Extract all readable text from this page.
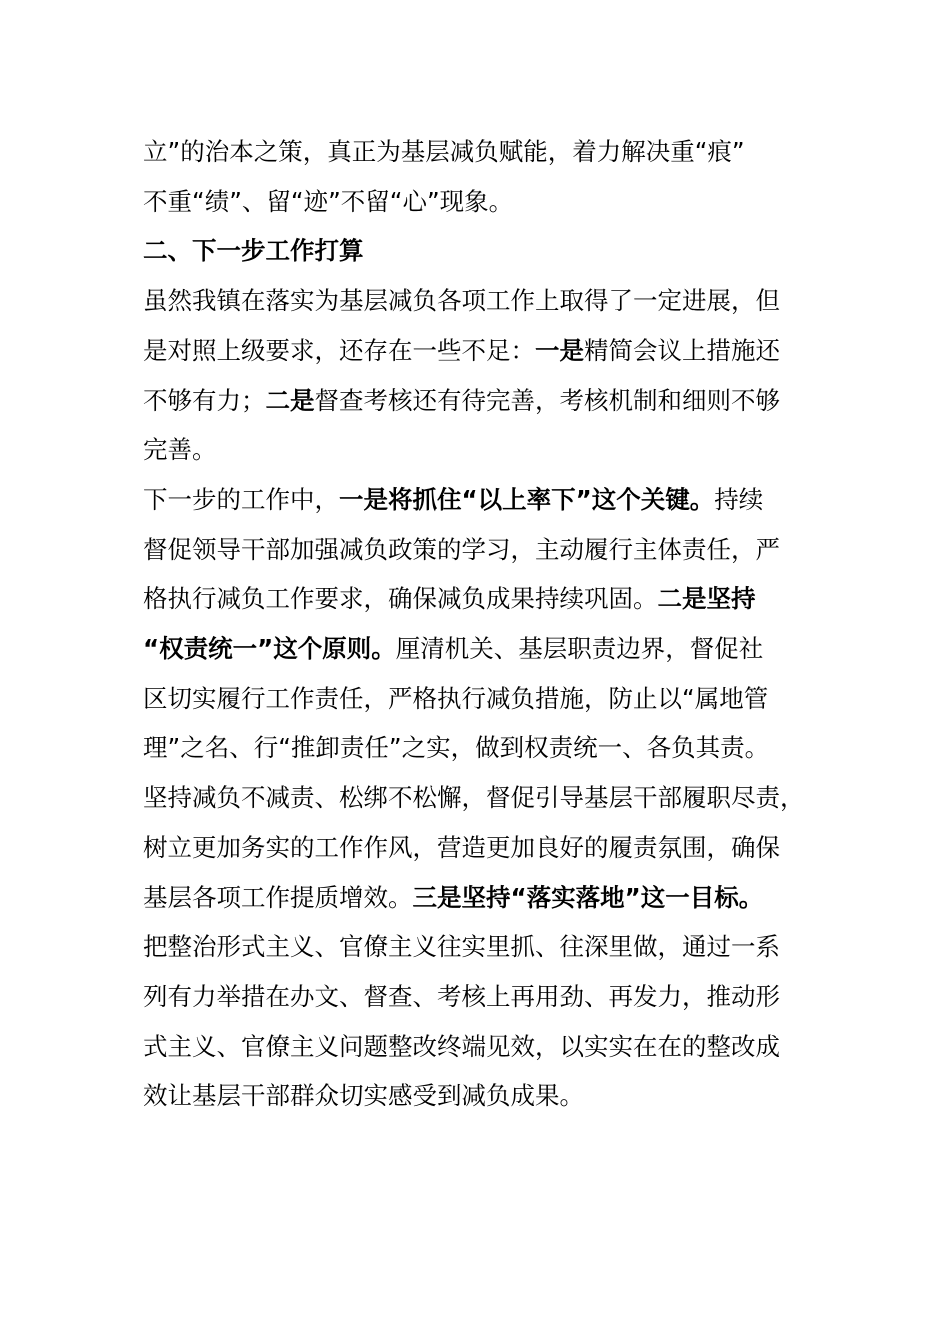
立”的治本之策，真正为基层减负赋能，着力解决重“痕”
不重“绩”、留“迹”不留“心”现象。
二、下一步工作打算
虽然我镇在落实为基层减负各项工作上取得了一定进展，但
是对照上级要求，还存在一些不足：一是精简会议上措施还
不够有力；二是督查考核还有待完善，考核机制和细则不够
完善。
下一步的工作中，一是将抓住“以上率下”这个关键。持续
督促领导干部加强减负政策的学习，主动履行主体责任，严
格执行减负工作要求，确保减负成果持续巩固。二是坚持
“权责统一”这个原则。厘清机关、基层职责边界，督促社
区切实履行工作责任，严格执行减负措施，防止以“属地管
理”之名、行“推卸责任”之实，做到权责统一、各负其责。
坚持减负不减责、松绑不松懈，督促引导基层干部履职尽责，
树立更加务实的工作作风，营造更加良好的履责氛围，确保
基层各项工作提质增效。三是坚持“落实落地”这一目标。
把整治形式主义、官僚主义往实里抓、往深里做，通过一系
列有力举措在办文、督查、考核上再用劲、再发力，推动形
式主义、官僚主义问题整改终端见效，以实实在在的整改成
效让基层干部群众切实感受到减负成果。
